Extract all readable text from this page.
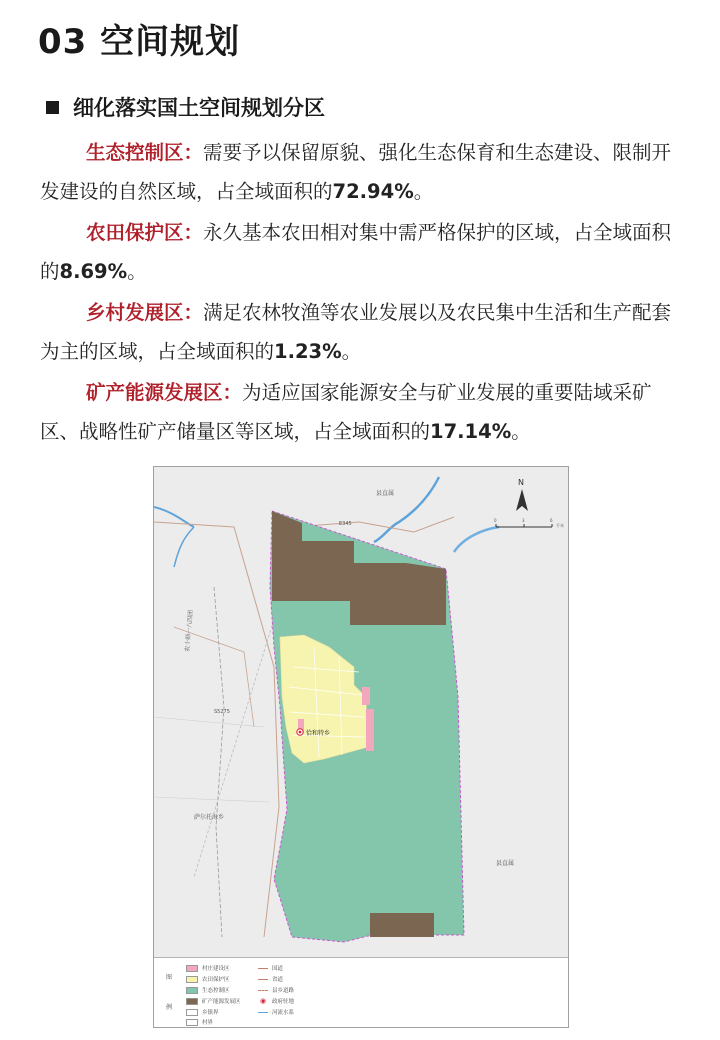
03 空间规划
细化落实国土空间规划分区
生态控制区：需要予以保留原貌、强化生态保育和生态建设、限制开发建设的自然区域，占全域面积的72.94%。
农田保护区：永久基本农田相对集中需严格保护的区域，占全域面积的8.69%。
乡村发展区：满足农林牧渔等农业发展以及农民集中生活和生产配套为主的区域，占全域面积的1.23%。
矿产能源发展区：为适应国家能源安全与矿业发展的重要陆域采矿区、战略性矿产储量区等区域，占全域面积的17.14%。
N
0	3	6
千米
县直属
E345
农十师一八四团
S5275
萨尔托海乡
恰和特乡
县直属
图
例
村庄建设区
农田保护区
生态控制区
矿产能源发展区
乡镇界
村界
国道
省道
县乡道路
◉	政府驻地
河流水系
